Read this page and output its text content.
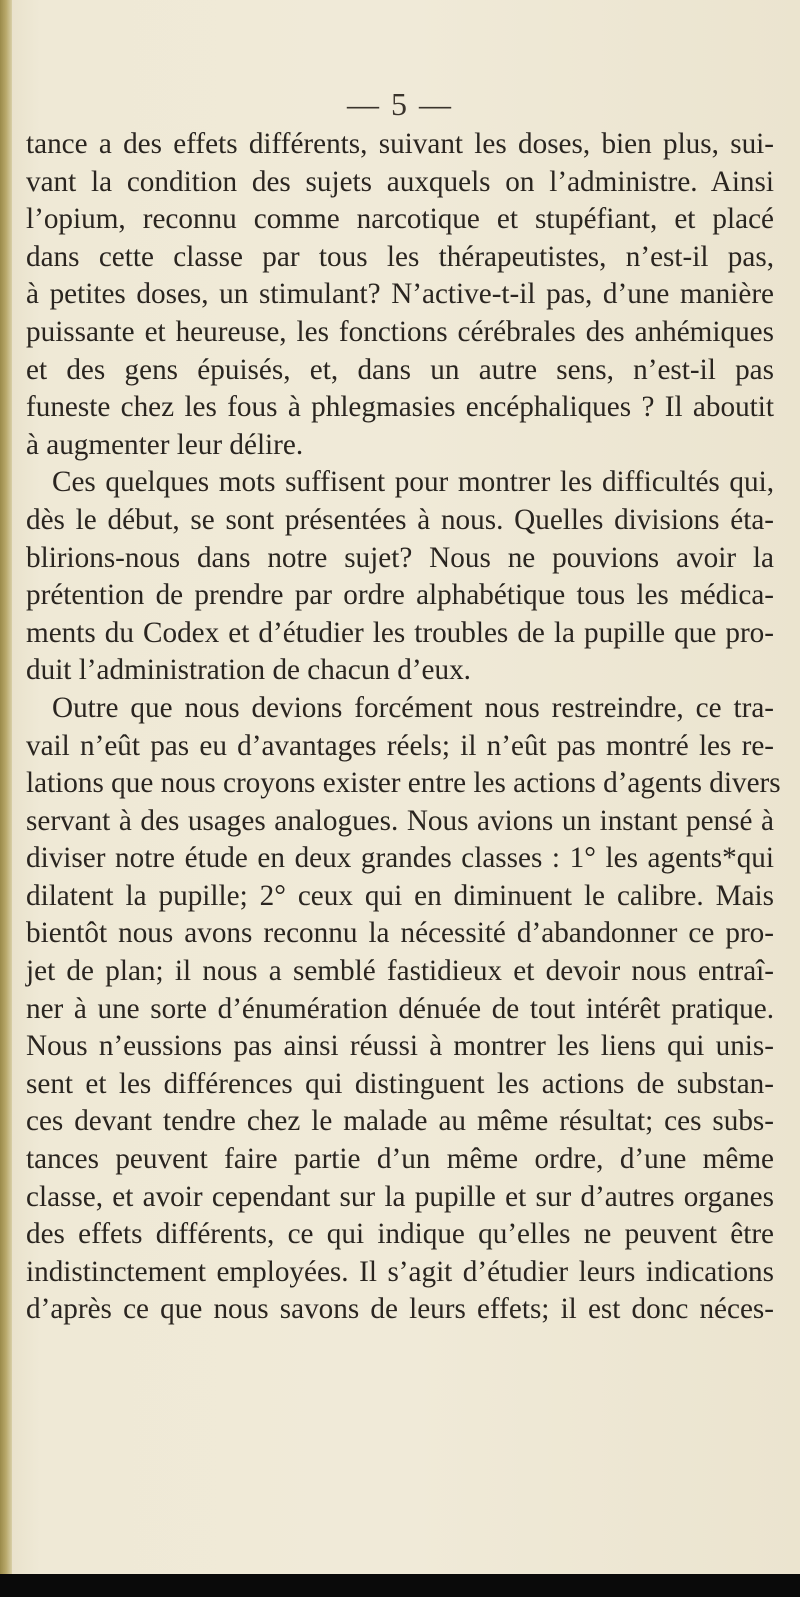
— 5 —
tance a des effets différents, suivant les doses, bien plus, sui-
vant la condition des sujets auxquels on l’administre. Ainsi
l’opium, reconnu comme narcotique et stupéfiant, et placé
dans cette classe par tous les thérapeutistes, n’est-il pas,
à petites doses, un stimulant? N’active-t-il pas, d’une manière
puissante et heureuse, les fonctions cérébrales des anhémiques
et des gens épuisés, et, dans un autre sens, n’est-il pas
funeste chez les fous à phlegmasies encéphaliques ? Il aboutit
à augmenter leur délire.
Ces quelques mots suffisent pour montrer les difficultés qui,
dès le début, se sont présentées à nous. Quelles divisions éta-
blirions-nous dans notre sujet? Nous ne pouvions avoir la
prétention de prendre par ordre alphabétique tous les médica-
ments du Codex et d’étudier les troubles de la pupille que pro-
duit l’administration de chacun d’eux.
Outre que nous devions forcément nous restreindre, ce tra-
vail n’eût pas eu d’avantages réels; il n’eût pas montré les re-
lations que nous croyons exister entre les actions d’agents divers
servant à des usages analogues. Nous avions un instant pensé à
diviser notre étude en deux grandes classes : 1° les agents*qui
dilatent la pupille; 2° ceux qui en diminuent le calibre. Mais
bientôt nous avons reconnu la nécessité d’abandonner ce pro-
jet de plan; il nous a semblé fastidieux et devoir nous entraî-
ner à une sorte d’énumération dénuée de tout intérêt pratique.
Nous n’eussions pas ainsi réussi à montrer les liens qui unis-
sent et les différences qui distinguent les actions de substan-
ces devant tendre chez le malade au même résultat; ces subs-
tances peuvent faire partie d’un même ordre, d’une même
classe, et avoir cependant sur la pupille et sur d’autres organes
des effets différents, ce qui indique qu’elles ne peuvent être
indistinctement employées. Il s’agit d’étudier leurs indications
d’après ce que nous savons de leurs effets; il est donc néces-
